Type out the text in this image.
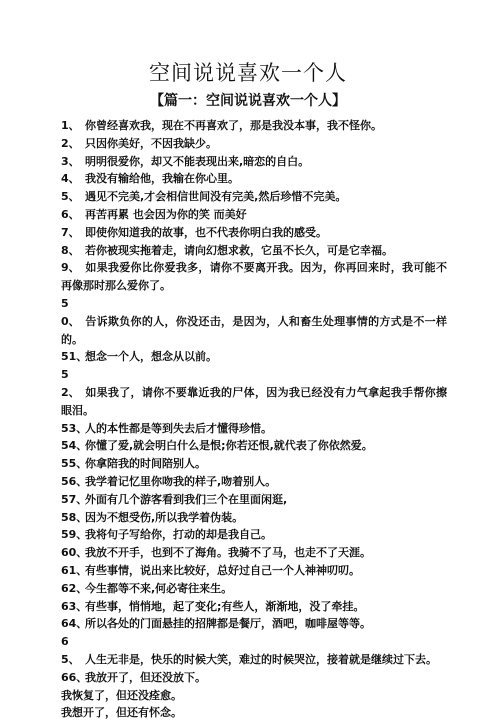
空间说说喜欢一个人
【篇一：空间说说喜欢一个人】
1、 你曾经喜欢我，现在不再喜欢了，那是我没本事，我不怪你。
2、 只因你美好，不因我缺少。
3、 明明很爱你，却又不能表现出来,暗恋的自白。
4、 我没有输给他，我输在你心里。
5、 遇见不完美,才会相信世间没有完美,然后珍惜不完美。
6、 再苦再累 也会因为你的笑 而美好
7、 即使你知道我的故事，也不代表你明白我的感受。
8、 若你被现实拖着走，请向幻想求救，它虽不长久，可是它幸福。
9、 如果我爱你比你爱我多，请你不要离开我。因为，你再回来时，我可能不再像那时那么爱你了。
50、 告诉欺负你的人，你没还击，是因为，人和畜生处理事情的方式是不一样的。
51、想念一个人，想念从以前。
52、 如果我了，请你不要靠近我的尸体，因为我已经没有力气拿起我手帮你擦眼泪。
53、人的本性都是等到失去后才懂得珍惜。
54、你懂了爱,就会明白什么是恨;你若还恨,就代表了你依然爱。
55、你拿陪我的时间陪别人。
56、我学着记忆里你吻我的样子,吻着别人。
57、外面有几个游客看到我们三个在里面闲逛,
58、因为不想受伤,所以我学着伪装。
59、我将句子写给你，打动的却是我自己。
60、我放不开手，也到不了海角。我骑不了马，也走不了天涯。
61、有些事情，说出来比较好，总好过自己一个人神神叨叨。
62、今生都等不来,何必寄往来生。
63、有些事，悄悄地，起了变化;有些人，渐渐地，没了牵挂。
64、所以各处的门面悬挂的招牌都是餐厅，酒吧，咖啡屋等等。
65、 人生无非是，快乐的时候大笑，难过的时候哭泣，接着就是继续过下去。
66、我放开了，但还没放下。
我恢复了，但还没痊愈。
我想开了，但还有怀念。
